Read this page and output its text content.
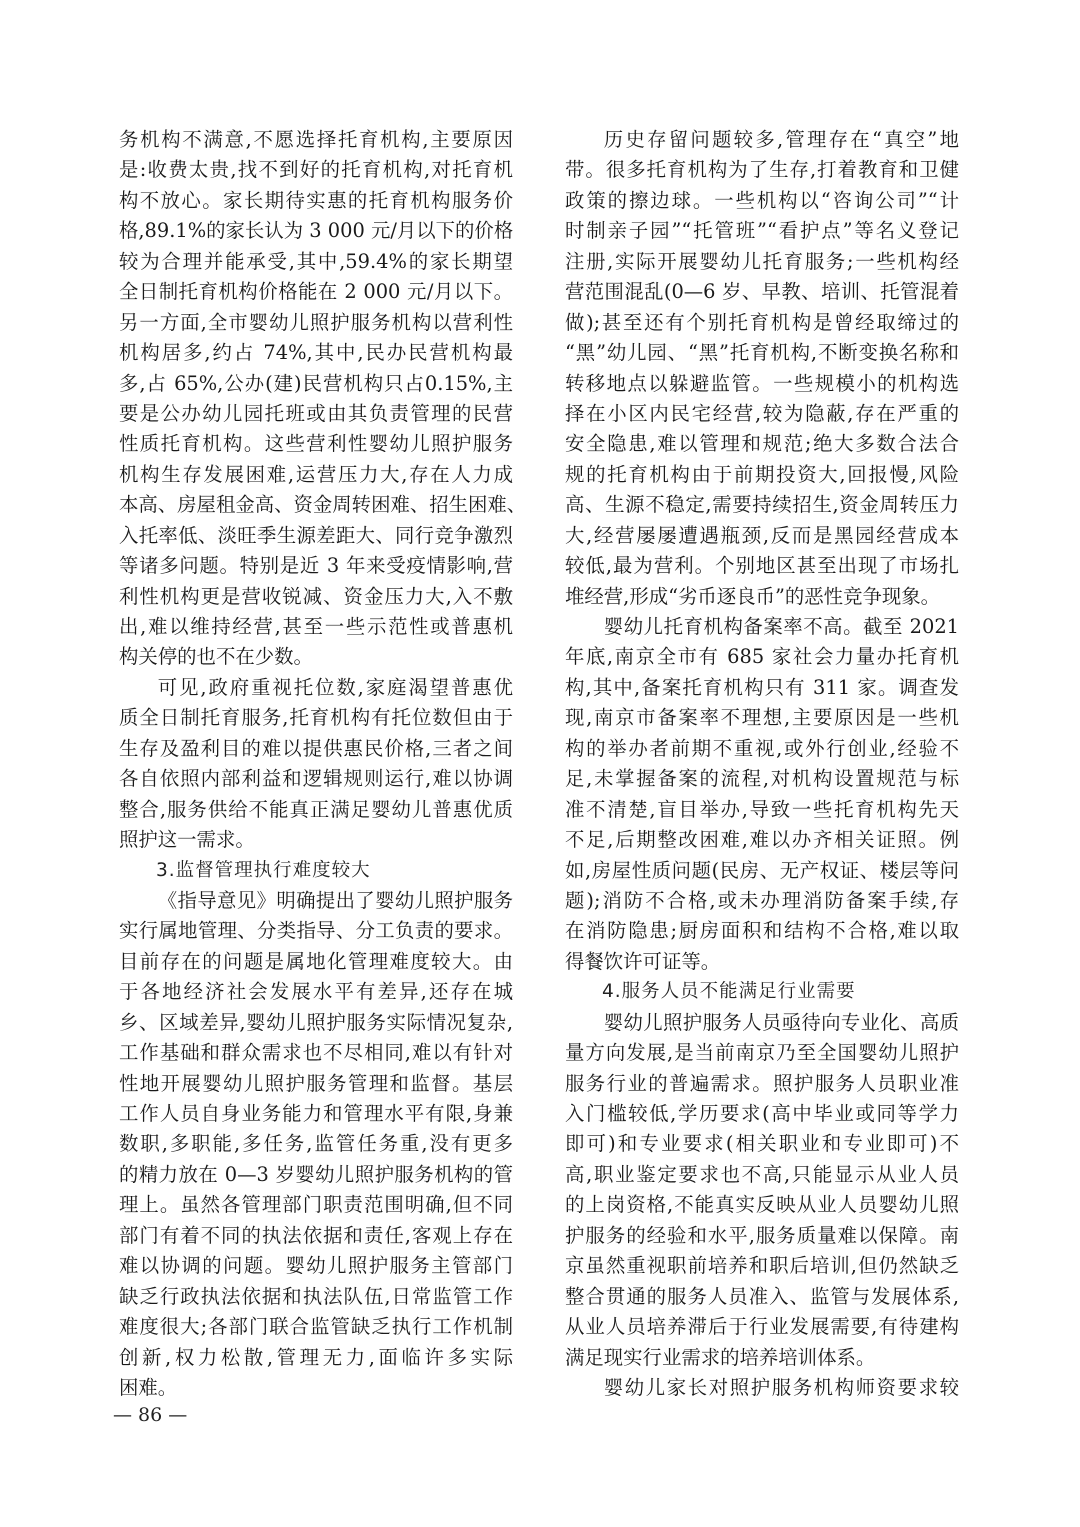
务机构不满意,不愿选择托育机构,主要原因
是:收费太贵,找不到好的托育机构,对托育机
构不放心。家长期待实惠的托育机构服务价
格,89.1%的家长认为 3 000 元/月以下的价格
较为合理并能承受,其中,59.4%的家长期望
全日制托育机构价格能在 2 000 元/月以下。
另一方面,全市婴幼儿照护服务机构以营利性
机构居多,约占 74%,其中,民办民营机构最
多,占 65%,公办(建)民营机构只占0.15%,主
要是公办幼儿园托班或由其负责管理的民营
性质托育机构。这些营利性婴幼儿照护服务
机构生存发展困难,运营压力大,存在人力成
本高、房屋租金高、资金周转困难、招生困难、
入托率低、淡旺季生源差距大、同行竞争激烈
等诸多问题。特别是近 3 年来受疫情影响,营
利性机构更是营收锐减、资金压力大,入不敷
出,难以维持经营,甚至一些示范性或普惠机
构关停的也不在少数。
可见,政府重视托位数,家庭渴望普惠优
质全日制托育服务,托育机构有托位数但由于
生存及盈利目的难以提供惠民价格,三者之间
各自依照内部利益和逻辑规则运行,难以协调
整合,服务供给不能真正满足婴幼儿普惠优质
照护这一需求。
3.监督管理执行难度较大
《指导意见》明确提出了婴幼儿照护服务
实行属地管理、分类指导、分工负责的要求。
目前存在的问题是属地化管理难度较大。由
于各地经济社会发展水平有差异,还存在城
乡、区域差异,婴幼儿照护服务实际情况复杂,
工作基础和群众需求也不尽相同,难以有针对
性地开展婴幼儿照护服务管理和监督。基层
工作人员自身业务能力和管理水平有限,身兼
数职,多职能,多任务,监管任务重,没有更多
的精力放在 0—3 岁婴幼儿照护服务机构的管
理上。虽然各管理部门职责范围明确,但不同
部门有着不同的执法依据和责任,客观上存在
难以协调的问题。婴幼儿照护服务主管部门
缺乏行政执法依据和执法队伍,日常监管工作
难度很大;各部门联合监管缺乏执行工作机制
创新,权力松散,管理无力,面临许多实际
困难。
历史存留问题较多,管理存在“真空”地
带。很多托育机构为了生存,打着教育和卫健
政策的擦边球。一些机构以“咨询公司”“计
时制亲子园”“托管班”“看护点”等名义登记
注册,实际开展婴幼儿托育服务;一些机构经
营范围混乱(0—6 岁、早教、培训、托管混着
做);甚至还有个别托育机构是曾经取缔过的
“黑”幼儿园、“黑”托育机构,不断变换名称和
转移地点以躲避监管。一些规模小的机构选
择在小区内民宅经营,较为隐蔽,存在严重的
安全隐患,难以管理和规范;绝大多数合法合
规的托育机构由于前期投资大,回报慢,风险
高、生源不稳定,需要持续招生,资金周转压力
大,经营屡屡遭遇瓶颈,反而是黑园经营成本
较低,最为营利。个别地区甚至出现了市场扎
堆经营,形成“劣币逐良币”的恶性竞争现象。
婴幼儿托育机构备案率不高。截至 2021
年底,南京全市有 685 家社会力量办托育机
构,其中,备案托育机构只有 311 家。调查发
现,南京市备案率不理想,主要原因是一些机
构的举办者前期不重视,或外行创业,经验不
足,未掌握备案的流程,对机构设置规范与标
准不清楚,盲目举办,导致一些托育机构先天
不足,后期整改困难,难以办齐相关证照。例
如,房屋性质问题(民房、无产权证、楼层等问
题);消防不合格,或未办理消防备案手续,存
在消防隐患;厨房面积和结构不合格,难以取
得餐饮许可证等。
4.服务人员不能满足行业需要
婴幼儿照护服务人员亟待向专业化、高质
量方向发展,是当前南京乃至全国婴幼儿照护
服务行业的普遍需求。照护服务人员职业准
入门槛较低,学历要求(高中毕业或同等学力
即可)和专业要求(相关职业和专业即可)不
高,职业鉴定要求也不高,只能显示从业人员
的上岗资格,不能真实反映从业人员婴幼儿照
护服务的经验和水平,服务质量难以保障。南
京虽然重视职前培养和职后培训,但仍然缺乏
整合贯通的服务人员准入、监管与发展体系,
从业人员培养滞后于行业发展需要,有待建构
满足现实行业需求的培养培训体系。
婴幼儿家长对照护服务机构师资要求较
— 86 —
